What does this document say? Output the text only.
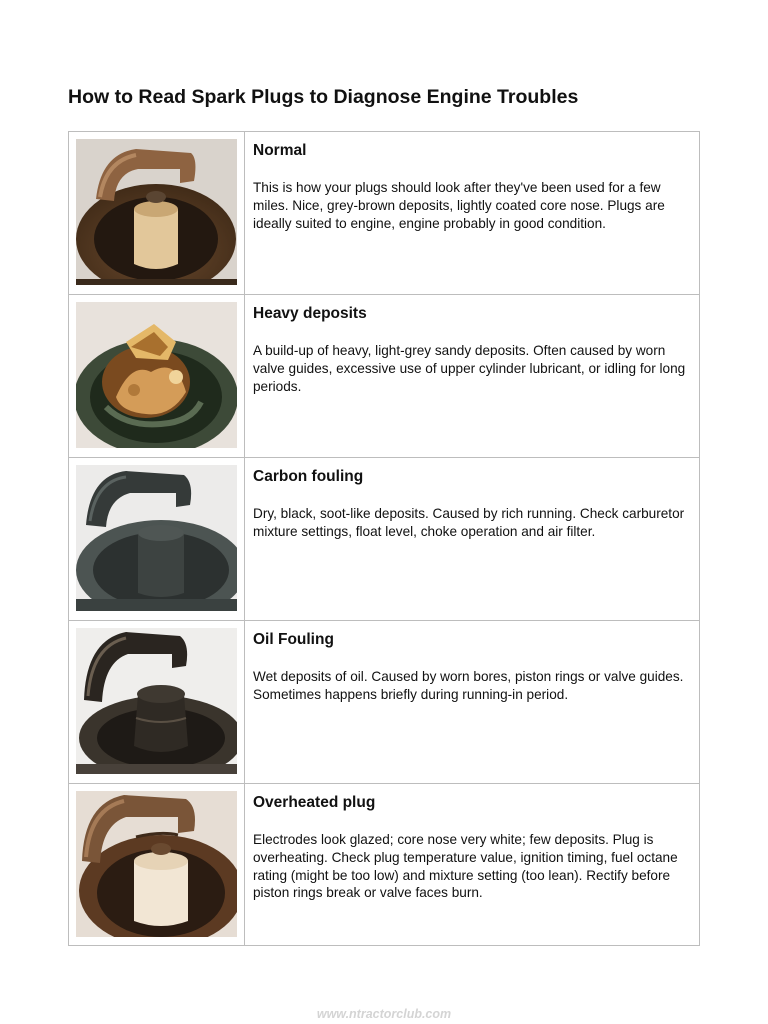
How to Read Spark Plugs to Diagnose Engine Troubles
Normal

This is how your plugs should look after they've been used for a few miles. Nice, grey-brown deposits, lightly coated core nose. Plugs are ideally suited to engine, engine probably in good condition.

Heavy deposits

A build-up of heavy, light-grey sandy deposits. Often caused by worn valve guides, excessive use of upper cylinder lubricant, or idling for long periods.

Carbon fouling

Dry, black, soot-like deposits. Caused by rich running. Check carburetor mixture settings, float level, choke operation and air filter.

Oil Fouling

Wet deposits of oil. Caused by worn bores, piston rings or valve guides. Sometimes happens briefly during running-in period.

Overheated plug

Electrodes look glazed; core nose very white; few deposits. Plug is overheating. Check plug temperature value, ignition timing, fuel octane rating (might be too low) and mixture setting (too lean). Rectify before piston rings break or valve faces burn.

www.ntractorclub.com
